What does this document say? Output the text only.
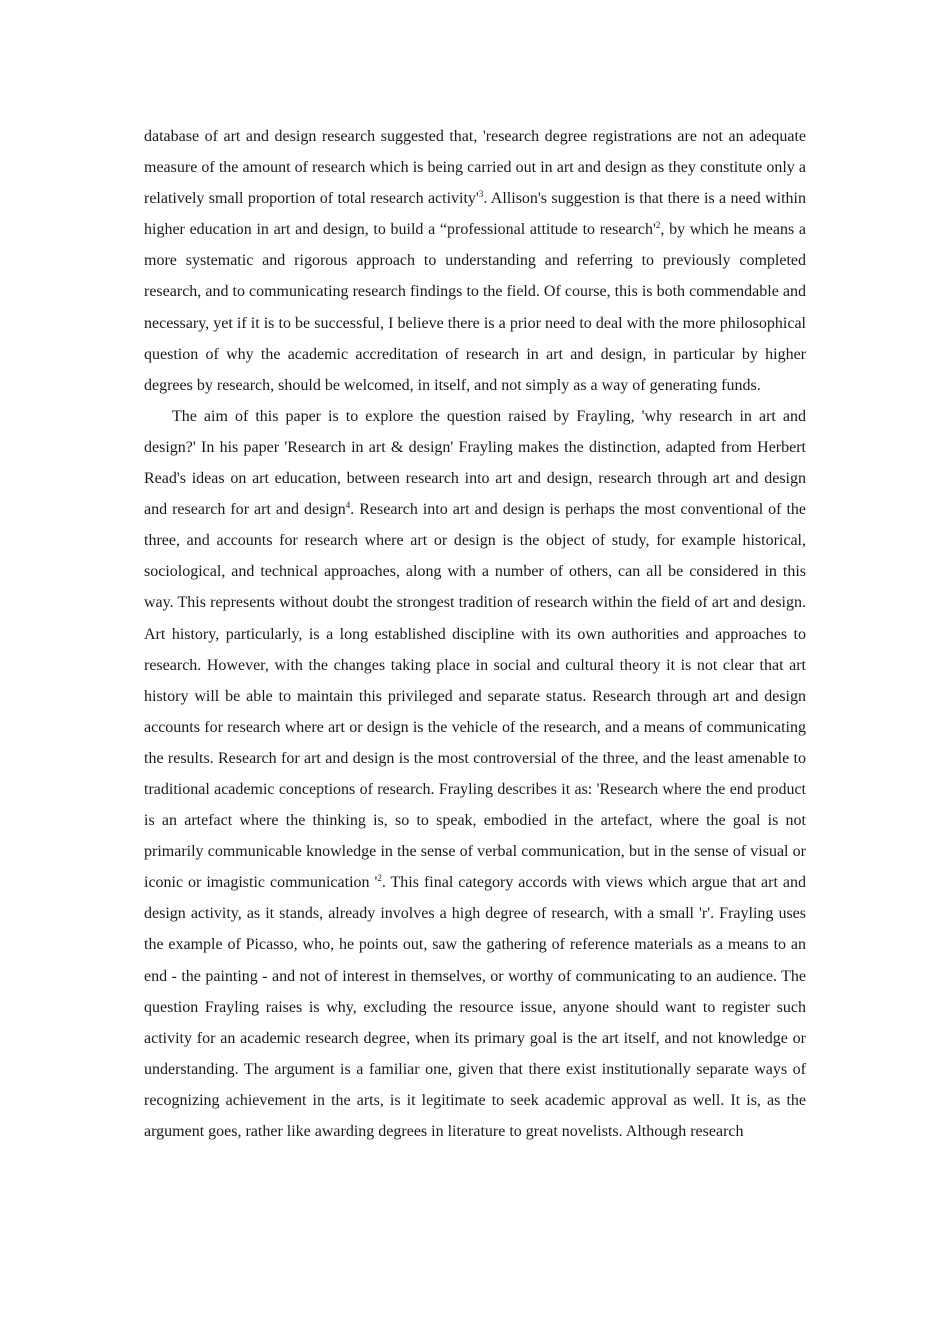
database of art and design research suggested that, 'research degree registrations are not an adequate measure of the amount of research which is being carried out in art and design as they constitute only a relatively small proportion of total research $activity'^3$. Allison's suggestion is that there is a need within higher education in art and design, to build a “professional attitude to $research'^2$, by which he means a more systematic and rigorous approach to understanding and referring to previously completed research, and to communicating research findings to the field. Of course, this is both commendable and necessary, yet if it is to be successful, I believe there is a prior need to deal with the more philosophical question of why the academic accreditation of research in art and design, in particular by higher degrees by research, should be welcomed, in itself, and not simply as a way of generating funds.

The aim of this paper is to explore the question raised by Frayling, 'why research in art and design?' In his paper 'Research in art & design' Frayling makes the distinction, adapted from Herbert Read's ideas on art education, between research into art and design, research through art and design and research for art and design$^4$. Research into art and design is perhaps the most conventional of the three, and accounts for research where art or design is the object of study, for example historical, sociological, and technical approaches, along with a number of others, can all be considered in this way. This represents without doubt the strongest tradition of research within the field of art and design. Art history, particularly, is a long established discipline with its own authorities and approaches to research. However, with the changes taking place in social and cultural theory it is not clear that art history will be able to maintain this privileged and separate status. Research through art and design accounts for research where art or design is the vehicle of the research, and a means of communicating the results. Research for art and design is the most controversial of the three, and the least amenable to traditional academic conceptions of research. Frayling describes it as: 'Research where the end product is an artefact where the thinking is, so to speak, embodied in the artefact, where the goal is not primarily communicable knowledge in the sense of verbal communication, but in the sense of visual or iconic or imagistic communication '$^2$. This final category accords with views which argue that art and design activity, as it stands, already involves a high degree of research, with a small 'r'. Frayling uses the example of Picasso, who, he points out, saw the gathering of reference materials as a means to an end - the painting - and not of interest in themselves, or worthy of communicating to an audience. The question Frayling raises is why, excluding the resource issue, anyone should want to register such activity for an academic research degree, when its primary goal is the art itself, and not knowledge or understanding. The argument is a familiar one, given that there exist institutionally separate ways of recognizing achievement in the arts, is it legitimate to seek academic approval as well. It is, as the argument goes, rather like awarding degrees in literature to great novelists. Although research
